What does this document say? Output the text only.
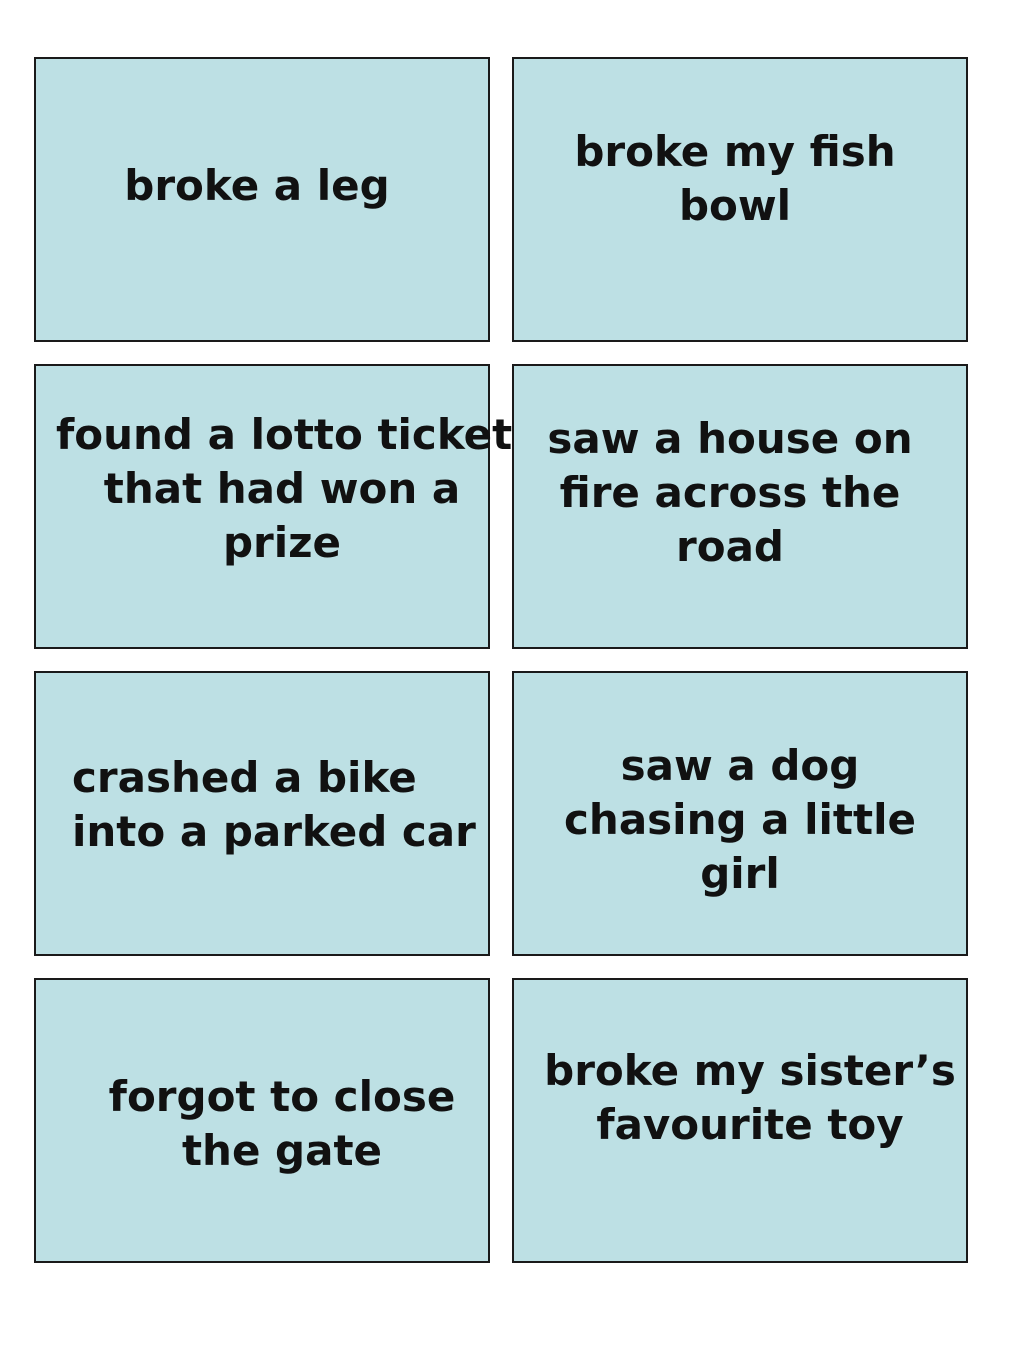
broke a leg

broke my fish
bowl

found a lotto ticket
that had won a
prize

saw a house on
fire across the
road

crashed a bike
into a parked car

saw a dog
chasing a little
girl

forgot to close
the gate

broke my sister’s
favourite toy
